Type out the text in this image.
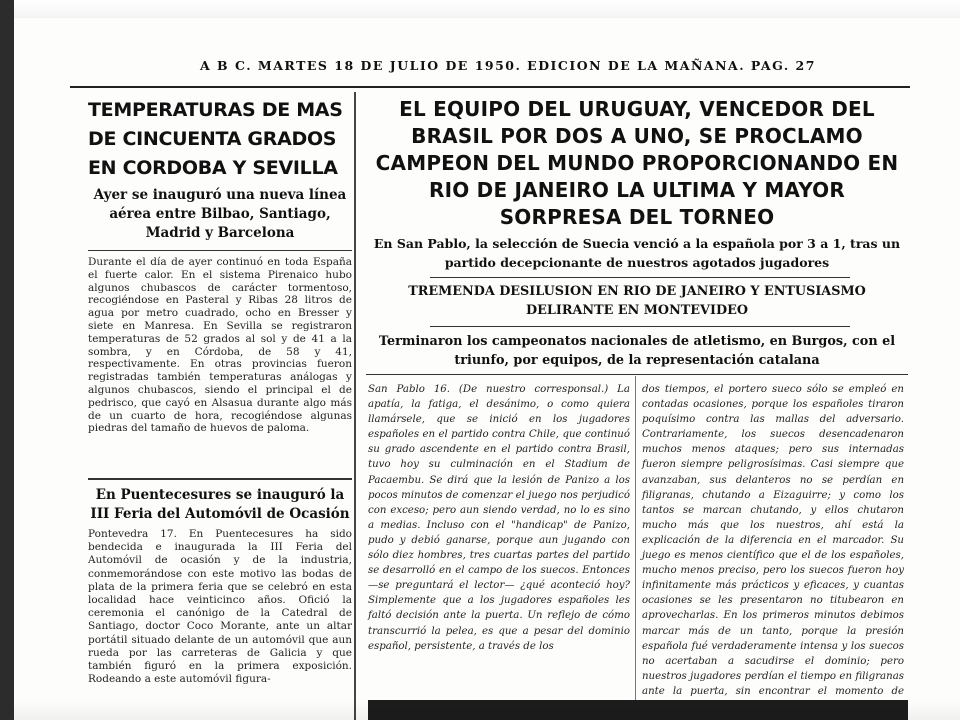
A B C. MARTES 18 DE JULIO DE 1950. EDICION DE LA MAÑANA. PAG. 27
TEMPERATURAS DE MAS DE CINCUENTA GRADOS EN CORDOBA Y SEVILLA
Ayer se inauguró una nueva línea aérea entre Bilbao, Santiago, Madrid y Barcelona

Durante el día de ayer continuó en toda España el fuerte calor. En el sistema Pirenaico hubo algunos chubascos de carácter tormentoso, recogiéndose en Pasteral y Ribas 28 litros de agua por metro cuadrado, ocho en Bresser y siete en Manresa. En Sevilla se registraron temperaturas de 52 grados al sol y de 41 a la sombra, y en Córdoba, de 58 y 41, respectivamente. En otras provincias fueron registradas también temperaturas análogas y algunos chubascos, siendo el principal el de pedrisco, que cayó en Alsasua durante algo más de un cuarto de hora, recogiéndose algunas piedras del tamaño de huevos de paloma.

En Puentecesures se inauguró la III Feria del Automóvil de Ocasión

Pontevedra 17. En Puentecesures ha sido bendecida e inaugurada la III Feria del Automóvil de ocasión y de la industria, conmemorándose con este motivo las bodas de plata de la primera feria que se celebró en esta localidad hace veinticinco años. Ofició la ceremonia el canónigo de la Catedral de Santiago, doctor Coco Morante, ante un altar portátil situado delante de un automóvil que aun rueda por las carreteras de Galicia y que también figuró en la primera exposición. Rodeando a este automóvil figura-

EL EQUIPO DEL URUGUAY, VENCEDOR DEL BRASIL POR DOS A UNO, SE PROCLAMO CAMPEON DEL MUNDO PROPORCIONANDO EN RIO DE JANEIRO LA ULTIMA Y MAYOR SORPRESA DEL TORNEO
En San Pablo, la selección de Suecia venció a la española por 3 a 1, tras un partido decepcionante de nuestros agotados jugadores
TREMENDA DESILUSION EN RIO DE JANEIRO Y ENTUSIASMO DELIRANTE EN MONTEVIDEO
Terminaron los campeonatos nacionales de atletismo, en Burgos, con el triunfo, por equipos, de la representación catalana

San Pablo 16. (De nuestro corresponsal.) La apatía, la fatiga, el desánimo, o como quiera llamársele, que se inició en los jugadores españoles en el partido contra Chile, que continuó su grado ascendente en el partido contra Brasil, tuvo hoy su culminación en el Stadium de Pacaembu. Se dirá que la lesión de Panizo a los pocos minutos de comenzar el juego nos perjudicó con exceso; pero aun siendo verdad, no lo es sino a medias. Incluso con el "handicap" de Panizo, pudo y debió ganarse, porque aun jugando con sólo diez hombres, tres cuartas partes del partido se desarrolló en el campo de los suecos. Entonces —se preguntará el lector— ¿qué aconteció hoy? Simplemente que a los jugadores españoles les faltó decisión ante la puerta. Un reflejo de cómo transcurrió la pelea, es que a pesar del dominio español, persistente, a través de los

dos tiempos, el portero sueco sólo se empleó en contadas ocasiones, porque los españoles tiraron poquísimo contra las mallas del adversario. Contrariamente, los suecos desencadenaron muchos menos ataques; pero sus internadas fueron siempre peligrosísimas. Casi siempre que avanzaban, sus delanteros no se perdían en filigranas, chutando a Eizaguirre; y como los tantos se marcan chutando, y ellos chutaron mucho más que los nuestros, ahí está la explicación de la diferencia en el marcador. Su juego es menos científico que el de los españoles, mucho menos preciso, pero los suecos fueron hoy infinitamente más prácticos y eficaces, y cuantas ocasiones se les presentaron no titubearon en aprovecharlas. En los primeros minutos debimos marcar más de un tanto, porque la presión española fué verdaderamente intensa y los suecos no acertaban a sacudirse el dominio; pero nuestros jugadores perdían el tiempo en filigranas ante la puerta, sin encontrar el momento de
